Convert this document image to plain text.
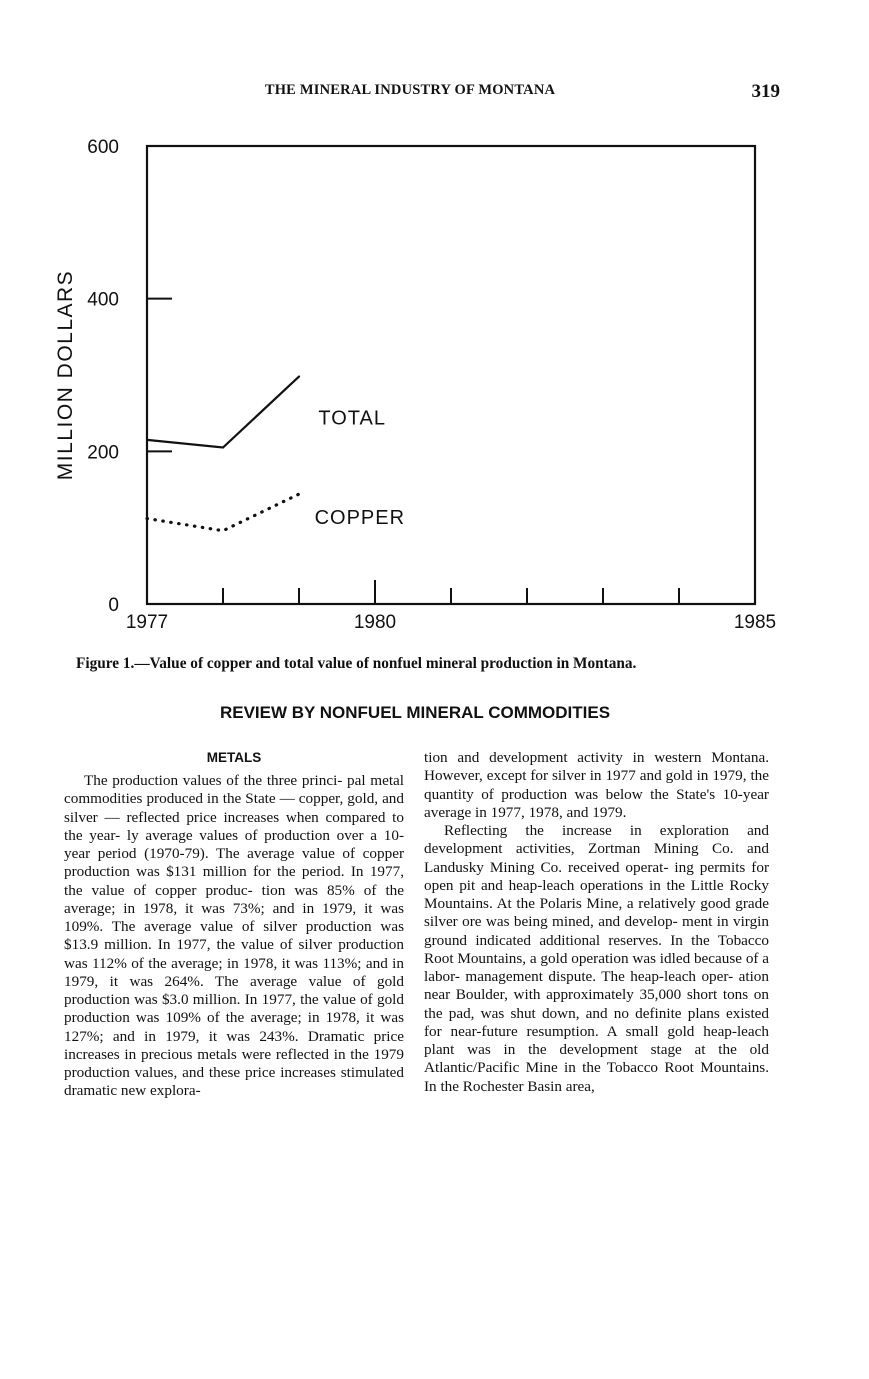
THE MINERAL INDUSTRY OF MONTANA	319
1977	1980	1985
0
200
400
600
MILLION DOLLARS	TOTAL
COPPER
Figure 1.—Value of copper and total value of nonfuel mineral production in Montana.
REVIEW BY NONFUEL MINERAL COMMODITIES
METALS

The production values of the three princi- pal metal commodities produced in the State — copper, gold, and silver — reflected price increases when compared to the year- ly average values of production over a 10- year period (1970-79). The average value of copper production was $131 million for the period. In 1977, the value of copper produc- tion was 85% of the average; in 1978, it was 73%; and in 1979, it was 109%. The average value of silver production was $13.9 million. In 1977, the value of silver production was 112% of the average; in 1978, it was 113%; and in 1979, it was 264%. The average value of gold production was $3.0 million. In 1977, the value of gold production was 109% of the average; in 1978, it was 127%; and in 1979, it was 243%. Dramatic price increases in precious metals were reflected in the 1979 production values, and these price increases stimulated dramatic new explora-

tion and development activity in western Montana. However, except for silver in 1977 and gold in 1979, the quantity of production was below the State's 10-year average in 1977, 1978, and 1979.

Reflecting the increase in exploration and development activities, Zortman Mining Co. and Landusky Mining Co. received operat- ing permits for open pit and heap-leach operations in the Little Rocky Mountains. At the Polaris Mine, a relatively good grade silver ore was being mined, and develop- ment in virgin ground indicated additional reserves. In the Tobacco Root Mountains, a gold operation was idled because of a labor- management dispute. The heap-leach oper- ation near Boulder, with approximately 35,000 short tons on the pad, was shut down, and no definite plans existed for near-future resumption. A small gold heap-leach plant was in the development stage at the old Atlantic/Pacific Mine in the Tobacco Root Mountains. In the Rochester Basin area,
